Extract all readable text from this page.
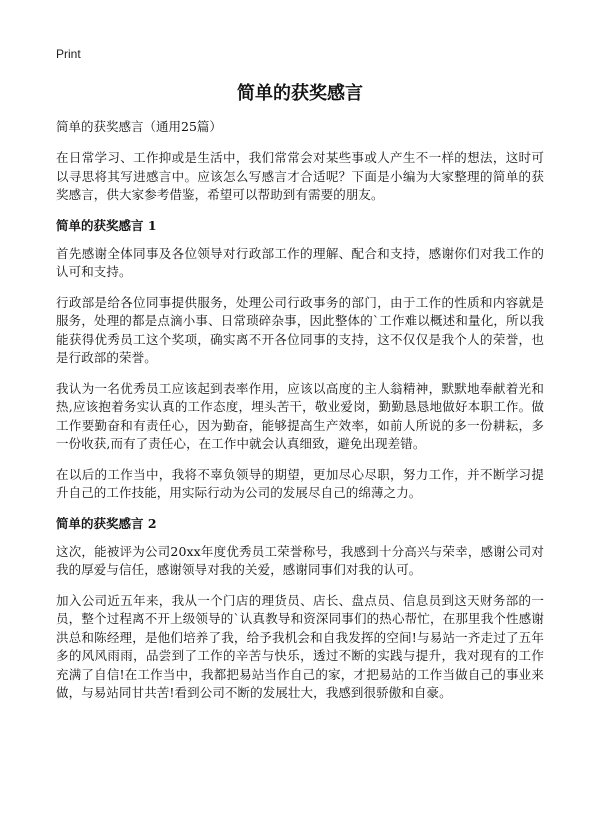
Print
简单的获奖感言
简单的获奖感言（通用25篇）

在日常学习、工作抑或是生活中，我们常常会对某些事或人产生不一样的想法，这时可以寻思将其写进感言中。应该怎么写感言才合适呢？下面是小编为大家整理的简单的获奖感言，供大家参考借鉴，希望可以帮助到有需要的朋友。

简单的获奖感言 1

首先感谢全体同事及各位领导对行政部工作的理解、配合和支持，感谢你们对我工作的认可和支持。

行政部是给各位同事提供服务，处理公司行政事务的部门，由于工作的性质和内容就是服务，处理的都是点滴小事、日常琐碎杂事，因此整体的`工作难以概述和量化，所以我能获得优秀员工这个奖项，确实离不开各位同事的支持，这不仅仅是我个人的荣誉，也是行政部的荣誉。

我认为一名优秀员工应该起到表率作用，应该以高度的主人翁精神，默默地奉献着光和热,应该抱着务实认真的工作态度，埋头苦干，敬业爱岗，勤勤恳恳地做好本职工作。做工作要勤奋和有责任心，因为勤奋，能够提高生产效率，如前人所说的多一份耕耘，多一份收获,而有了责任心，在工作中就会认真细致，避免出现差错。

在以后的工作当中，我将不辜负领导的期望，更加尽心尽职，努力工作，并不断学习提升自己的工作技能，用实际行动为公司的发展尽自己的绵薄之力。

简单的获奖感言 2

这次，能被评为公司20xx年度优秀员工荣誉称号，我感到十分高兴与荣幸，感谢公司对我的厚爱与信任，感谢领导对我的关爱，感谢同事们对我的认可。

加入公司近五年来，我从一个门店的理货员、店长、盘点员、信息员到这天财务部的一员，整个过程离不开上级领导的`认真教导和资深同事们的热心帮忙，在那里我个性感谢洪总和陈经理，是他们培养了我，给予我机会和自我发挥的空间!与易站一齐走过了五年多的风风雨雨，品尝到了工作的辛苦与快乐，透过不断的实践与提升，我对现有的工作充满了自信!在工作当中，我都把易站当作自己的家，才把易站的工作当做自己的事业来做，与易站同甘共苦!看到公司不断的发展壮大，我感到很骄傲和自豪。
